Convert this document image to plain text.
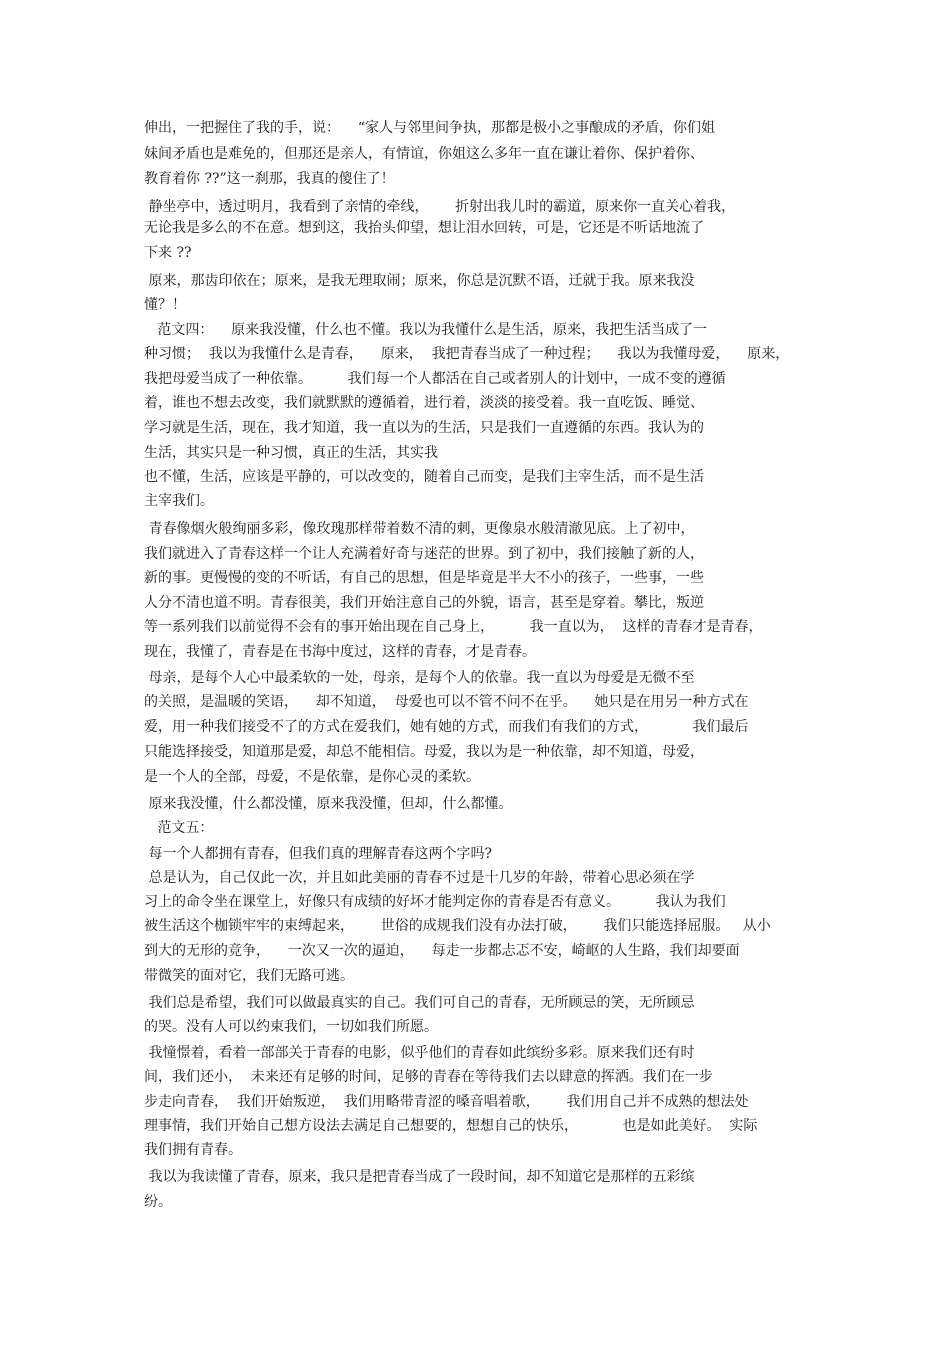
伸出，一把握住了我的手，说：    “家人与邻里间争执，那都是极小之事酿成的矛盾，你们姐
妹间矛盾也是难免的，但那还是亲人，有情谊，你姐这么多年一直在谦让着你、保护着你、
教育着你 ??”这一刹那，我真的傻住了！
静坐亭中，透过明月，我看到了亲情的牵线，      折射出我儿时的霸道，原来你一直关心着我，
无论我是多么的不在意。想到这，我抬头仰望，想让泪水回转，可是，它还是不听话地流了
下来 ??
原来，那齿印依在；原来，是我无理取闹；原来，你总是沉默不语，迁就于我。原来我没
懂？！
范文四：    原来我没懂，什么也不懂。我以为我懂什么是生活，原来，我把生活当成了一
种习惯；  我以为我懂什么是青春，    原来，  我把青春当成了一种过程；    我以为我懂母爱，    原来，
我把母爱当成了一种依靠。        我们每一个人都活在自己或者别人的计划中，一成不变的遵循
着，谁也不想去改变，我们就默默的遵循着，进行着，淡淡的接受着。我一直吃饭、睡觉、
学习就是生活，现在，我才知道，我一直以为的生活，只是我们一直遵循的东西。我认为的
生活，其实只是一种习惯，真正的生活，其实我
也不懂，生活，应该是平静的，可以改变的，随着自己而变，是我们主宰生活，而不是生活
主宰我们。
青春像烟火般绚丽多彩，像玫瑰那样带着数不清的刺，更像泉水般清澈见底。上了初中，
我们就进入了青春这样一个让人充满着好奇与迷茫的世界。到了初中，我们接触了新的人，
新的事。更慢慢的变的不听话，有自己的思想，但是毕竟是半大不小的孩子，一些事，一些
人分不清也道不明。青春很美，我们开始注意自己的外貌，语言，甚至是穿着。攀比，叛逆
等一系列我们以前觉得不会有的事开始出现在自己身上，        我一直以为，  这样的青春才是青春，
现在，我懂了，青春是在书海中度过，这样的青春，才是青春。
母亲，是每个人心中最柔软的一处，母亲，是每个人的依靠。我一直以为母爱是无微不至
的关照，是温暖的笑语，    却不知道，  母爱也可以不管不问不在乎。    她只是在用另一种方式在
爱，用一种我们接受不了的方式在爱我们，她有她的方式，而我们有我们的方式，          我们最后
只能选择接受，知道那是爱，却总不能相信。母爱，我以为是一种依靠，却不知道，母爱，
是一个人的全部，母爱，不是依靠，是你心灵的柔软。
原来我没懂，什么都没懂，原来我没懂，但却，什么都懂。
范文五：
每一个人都拥有青春，但我们真的理解青春这两个字吗?
总是认为，自己仅此一次，并且如此美丽的青春不过是十几岁的年龄，带着心思必须在学
习上的命令坐在课堂上，好像只有成绩的好坏才能判定你的青春是否有意义。        我认为我们
被生活这个枷锁牢牢的束缚起来，      世俗的成规我们没有办法打破，      我们只能选择屈服。   从小
到大的无形的竞争，    一次又一次的逼迫，    每走一步都忐忑不安，崎岖的人生路，我们却要面
带微笑的面对它，我们无路可逃。
我们总是希望，我们可以做最真实的自己。我们可自己的青春，无所顾忌的笑，无所顾忌
的哭。没有人可以约束我们，一切如我们所愿。
我憧憬着，看着一部部关于青春的电影，似乎他们的青春如此缤纷多彩。原来我们还有时
间，我们还小，  未来还有足够的时间，足够的青春在等待我们去以肆意的挥洒。我们在一步
步走向青春，  我们开始叛逆，  我们用略带青涩的嗓音唱着歌，      我们用自己并不成熟的想法处
理事情，我们开始自己想方设法去满足自己想要的，想想自己的快乐，          也是如此美好。  实际
我们拥有青春。
我以为我读懂了青春，原来，我只是把青春当成了一段时间，却不知道它是那样的五彩缤
纷。
